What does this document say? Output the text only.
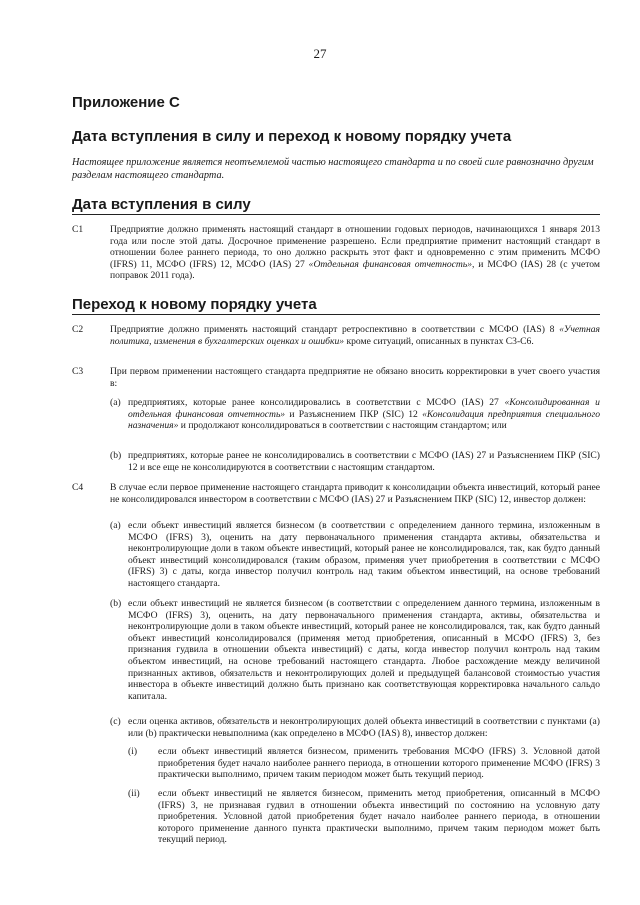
27
Приложение С
Дата вступления в силу и переход к новому порядку учета
Настоящее приложение является неотъемлемой частью настоящего стандарта и по своей силе равнозначно другим разделам настоящего стандарта.
Дата вступления в силу
C1	Предприятие должно применять настоящий стандарт в отношении годовых периодов, начинающихся 1 января 2013 года или после этой даты. Досрочное применение разрешено. Если предприятие применит настоящий стандарт в отношении более раннего периода, то оно должно раскрыть этот факт и одновременно с этим применить МСФО (IFRS) 11, МСФО (IFRS) 12, МСФО (IAS) 27 «Отдельная финансовая отчетность», и МСФО (IAS) 28 (с учетом поправок 2011 года).
Переход к новому порядку учета
C2	Предприятие должно применять настоящий стандарт ретроспективно в соответствии с МСФО (IAS) 8 «Учетная политика, изменения в бухгалтерских оценках и ошибки» кроме ситуаций, описанных в пунктах С3-С6.
C3	При первом применении настоящего стандарта предприятие не обязано вносить корректировки в учет своего участия в:
(a) предприятиях, которые ранее консолидировались в соответствии с МСФО (IAS) 27 «Консолидированная и отдельная финансовая отчетность» и Разъяснением ПКР (SIC) 12 «Консолидация предприятия специального назначения» и продолжают консолидироваться в соответствии с настоящим стандартом; или
(b) предприятиях, которые ранее не консолидировались в соответствии с МСФО (IAS) 27 и Разъяснением ПКР (SIC) 12 и все еще не консолидируются в соответствии с настоящим стандартом.
C4	В случае если первое применение настоящего стандарта приводит к консолидации объекта инвестиций, который ранее не консолидировался инвестором в соответствии с МСФО (IAS) 27 и Разъяснением ПКР (SIC) 12, инвестор должен:
(a) если объект инвестиций является бизнесом (в соответствии с определением данного термина, изложенным в МСФО (IFRS) 3), оценить на дату первоначального применения стандарта активы, обязательства и неконтролирующие доли в таком объекте инвестиций, который ранее не консолидировался, так, как будто данный объект инвестиций консолидировался (таким образом, применяя учет приобретения в соответствии с МСФО (IFRS) 3) с даты, когда инвестор получил контроль над таким объектом инвестиций, на основе требований настоящего стандарта.
(b) если объект инвестиций не является бизнесом (в соответствии с определением данного термина, изложенным в МСФО (IFRS) 3), оценить, на дату первоначального применения стандарта, активы, обязательства и неконтролирующие доли в таком объекте инвестиций, который ранее не консолидировался, так, как будто данный объект инвестиций консолидировался (применяя метод приобретения, описанный в МСФО (IFRS) 3, без признания гудвила в отношении объекта инвестиций) с даты, когда инвестор получил контроль над таким объектом инвестиций, на основе требований настоящего стандарта. Любое расхождение между величиной признанных активов, обязательств и неконтролирующих долей и предыдущей балансовой стоимостью участия инвестора в объекте инвестиций должно быть признано как соответствующая корректировка начального сальдо капитала.
(c) если оценка активов, обязательств и неконтролирующих долей объекта инвестиций в соответствии с пунктами (a) или (b) практически невыполнима (как определено в МСФО (IAS) 8), инвестор должен:
(i) если объект инвестиций является бизнесом, применить требования МСФО (IFRS) 3. Условной датой приобретения будет начало наиболее раннего периода, в отношении которого применение МСФО (IFRS) 3 практически выполнимо, причем таким периодом может быть текущий период.
(ii) если объект инвестиций не является бизнесом, применить метод приобретения, описанный в МСФО (IFRS) 3, не признавая гудвил в отношении объекта инвестиций по состоянию на условную дату приобретения. Условной датой приобретения будет начало наиболее раннего периода, в отношении которого применение данного пункта практически выполнимо, причем таким периодом может быть текущий период.
